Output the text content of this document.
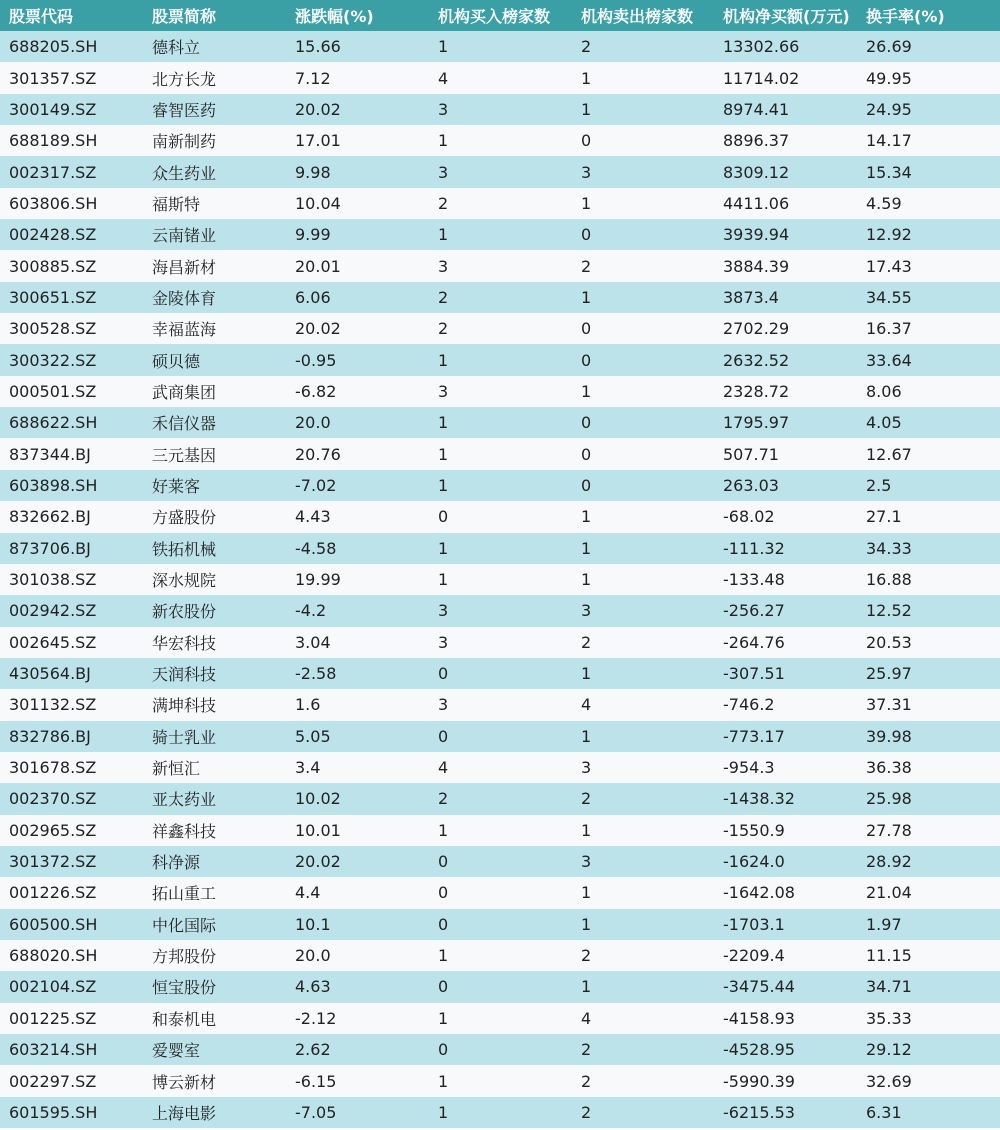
股票代码	股票简称	涨跌幅(%)	机构买入榜家数	机构卖出榜家数	机构净买额(万元)	换手率(%)
688205.SH	德科立	15.66	1	2	13302.66	26.69
301357.SZ	北方长龙	7.12	4	1	11714.02	49.95
300149.SZ	睿智医药	20.02	3	1	8974.41	24.95
688189.SH	南新制药	17.01	1	0	8896.37	14.17
002317.SZ	众生药业	9.98	3	3	8309.12	15.34
603806.SH	福斯特	10.04	2	1	4411.06	4.59
002428.SZ	云南锗业	9.99	1	0	3939.94	12.92
300885.SZ	海昌新材	20.01	3	2	3884.39	17.43
300651.SZ	金陵体育	6.06	2	1	3873.4	34.55
300528.SZ	幸福蓝海	20.02	2	0	2702.29	16.37
300322.SZ	硕贝德	-0.95	1	0	2632.52	33.64
000501.SZ	武商集团	-6.82	3	1	2328.72	8.06
688622.SH	禾信仪器	20.0	1	0	1795.97	4.05
837344.BJ	三元基因	20.76	1	0	507.71	12.67
603898.SH	好莱客	-7.02	1	0	263.03	2.5
832662.BJ	方盛股份	4.43	0	1	-68.02	27.1
873706.BJ	铁拓机械	-4.58	1	1	-111.32	34.33
301038.SZ	深水规院	19.99	1	1	-133.48	16.88
002942.SZ	新农股份	-4.2	3	3	-256.27	12.52
002645.SZ	华宏科技	3.04	3	2	-264.76	20.53
430564.BJ	天润科技	-2.58	0	1	-307.51	25.97
301132.SZ	满坤科技	1.6	3	4	-746.2	37.31
832786.BJ	骑士乳业	5.05	0	1	-773.17	39.98
301678.SZ	新恒汇	3.4	4	3	-954.3	36.38
002370.SZ	亚太药业	10.02	2	2	-1438.32	25.98
002965.SZ	祥鑫科技	10.01	1	1	-1550.9	27.78
301372.SZ	科净源	20.02	0	3	-1624.0	28.92
001226.SZ	拓山重工	4.4	0	1	-1642.08	21.04
600500.SH	中化国际	10.1	0	1	-1703.1	1.97
688020.SH	方邦股份	20.0	1	2	-2209.4	11.15
002104.SZ	恒宝股份	4.63	0	1	-3475.44	34.71
001225.SZ	和泰机电	-2.12	1	4	-4158.93	35.33
603214.SH	爱婴室	2.62	0	2	-4528.95	29.12
002297.SZ	博云新材	-6.15	1	2	-5990.39	32.69
601595.SH	上海电影	-7.05	1	2	-6215.53	6.31
